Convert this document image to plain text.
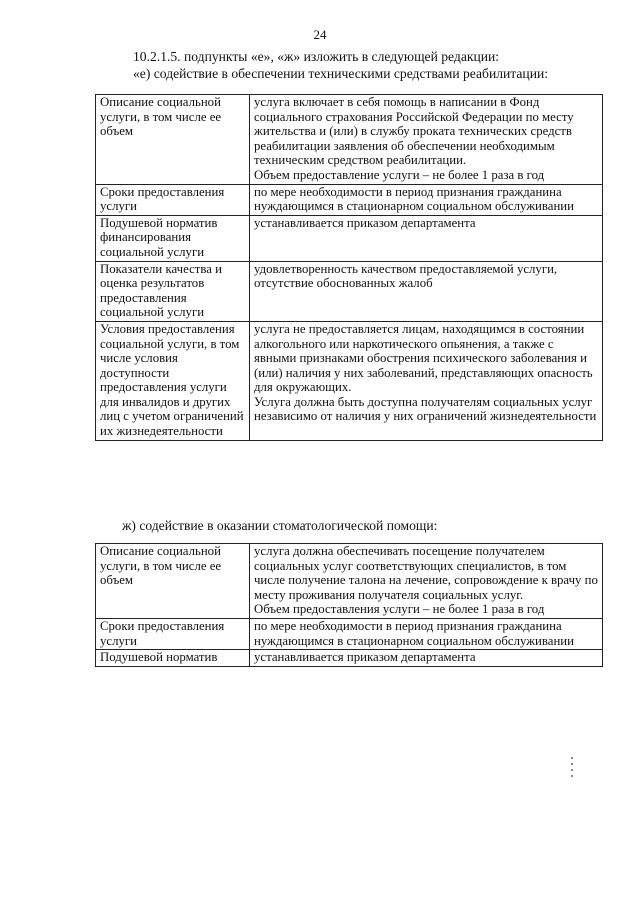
24
10.2.1.5. подпункты «е», «ж» изложить в следующей редакции:
«е) содействие в обеспечении техническими средствами реабилитации:
Описание социальной услуги, в том числе ее объем	услуга включает в себя помощь в написании в Фонд социального страхования Российской Федерации по месту жительства и (или) в службу проката технических средств реабилитации заявления об обеспечении необходимым техническим средством реабилитации.
Объем предоставление услуги – не более 1 раза в год

Сроки предоставления услуги	по мере необходимости в период признания гражданина нуждающимся в стационарном социальном обслуживании

Подушевой норматив финансирования социальной услуги	устанавливается приказом департамента

Показатели качества и оценка результатов предоставления социальной услуги	удовлетворенность качеством предоставляемой услуги, отсутствие обоснованных жалоб

Условия предоставления социальной услуги, в том числе условия доступности предоставления услуги для инвалидов и других лиц с учетом ограничений их жизнедеятельности	услуга не предоставляется лицам, находящимся в состоянии алкогольного или наркотического опьянения, а также с явными признаками обострения психического заболевания и (или) наличия у них заболеваний, представляющих опасность для окружающих.
Услуга должна быть доступна получателям социальных услуг независимо от наличия у них ограничений жизнедеятельности
ж) содействие в оказании стоматологической помощи:
Описание социальной услуги, в том числе ее объем	услуга должна обеспечивать посещение получателем социальных услуг соответствующих специалистов, в том числе получение талона на лечение, сопровождение к врачу по месту проживания получателя социальных услуг.
Объем предоставления услуги – не более 1 раза в год

Сроки предоставления услуги	по мере необходимости в период признания гражданина нуждающимся в стационарном социальном обслуживании

Подушевой норматив	устанавливается приказом департамента
